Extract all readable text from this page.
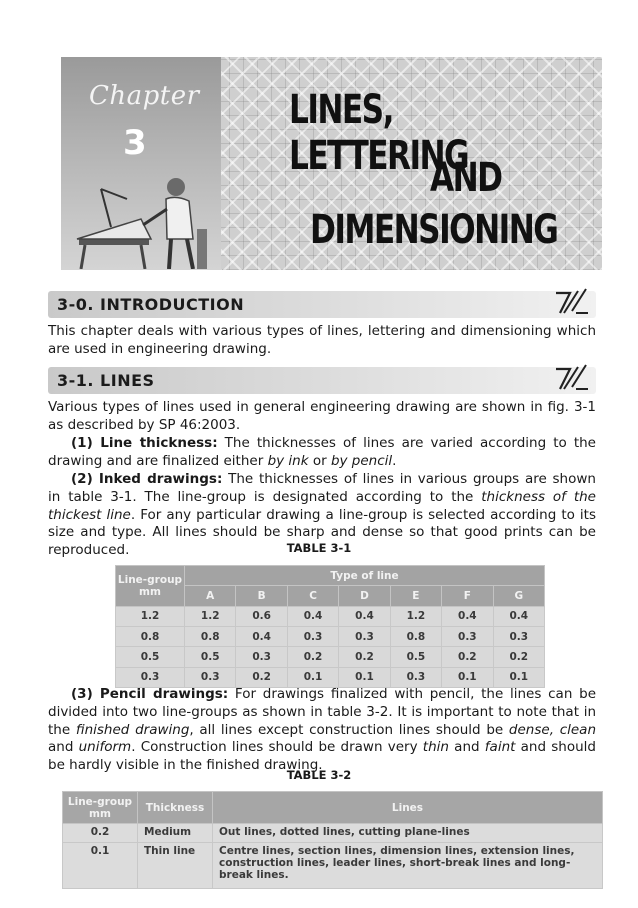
Chapter
3
LINES, LETTERING
AND
DIMENSIONING
3-0. INTRODUCTION
This chapter deals with various types of lines, lettering and dimensioning which are used in engineering drawing.
3-1. LINES
Various types of lines used in general engineering drawing are shown in fig. 3-1 as described by SP 46:2003.
(1) Line thickness: The thicknesses of lines are varied according to the drawing and are finalized either by ink or by pencil.
(2) Inked drawings: The thicknesses of lines in various groups are shown in table 3-1. The line-group is designated according to the thickness of the thickest line. For any particular drawing a line-group is selected according to its size and type. All lines should be sharp and dense so that good prints can be reproduced.	TABLE 3-1
Line-group mm	Type of line						
	A	B	C	D	E	F	G
1.2	1.2	0.6	0.4	0.4	1.2	0.4	0.4
0.8	0.8	0.4	0.3	0.3	0.8	0.3	0.3
0.5	0.5	0.3	0.2	0.2	0.5	0.2	0.2
0.3	0.3	0.2	0.1	0.1	0.3	0.1	0.1
(3) Pencil drawings: For drawings finalized with pencil, the lines can be divided into two line-groups as shown in table 3-2. It is important to note that in the finished drawing, all lines except construction lines should be dense, clean and uniform. Construction lines should be drawn very thin and faint and should be hardly visible in the finished drawing.
TABLE 3-2
Line-group mm	Thickness	Lines
0.2	Medium	Out lines, dotted lines, cutting plane-lines
0.1	Thin line	Centre lines, section lines, dimension lines, extension lines, construction lines, leader lines, short-break lines and long-break lines.
